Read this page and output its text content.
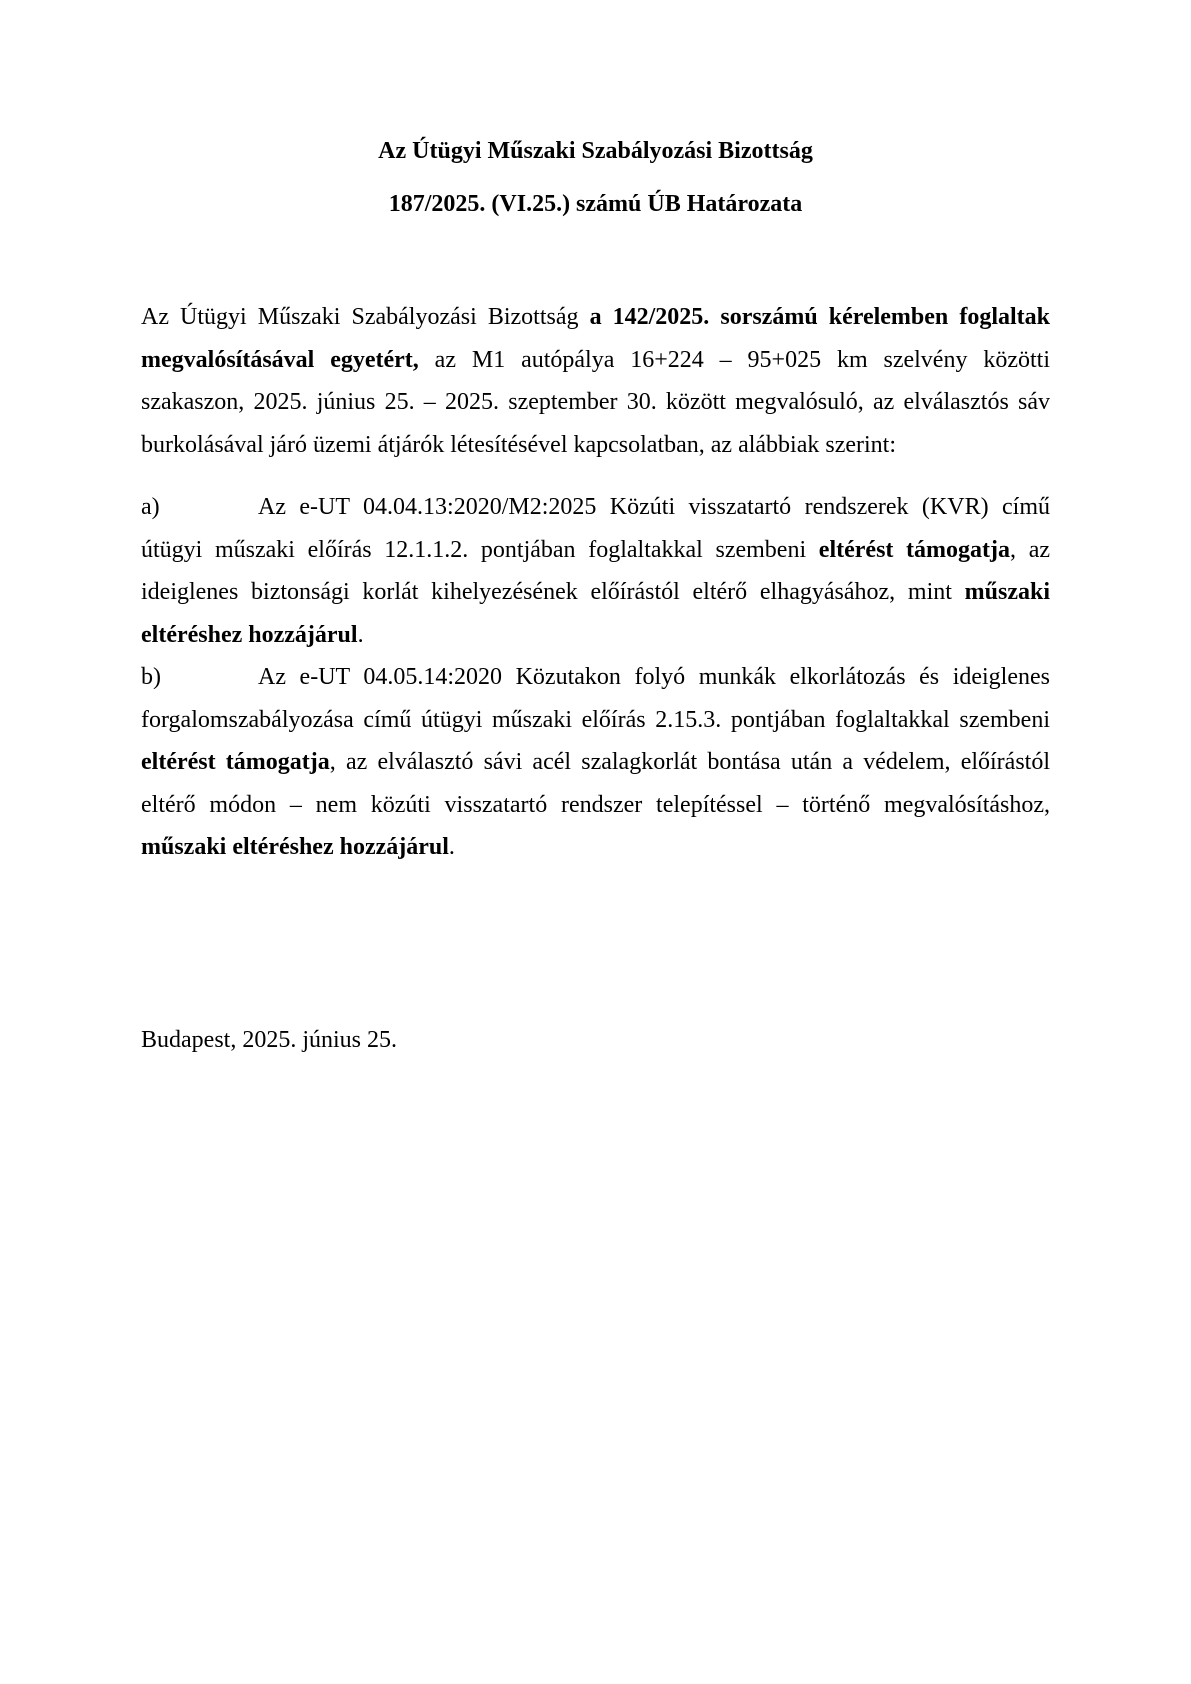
Az Útügyi Műszaki Szabályozási Bizottság

187/2025. (VI.25.) számú ÚB Határozata

Az Útügyi Műszaki Szabályozási Bizottság a 142/2025. sorszámú kérelemben foglaltak megvalósításával egyetért, az M1 autópálya 16+224 – 95+025 km szelvény közötti szakaszon, 2025. június 25. – 2025. szeptember 30. között megvalósuló, az elválasztós sáv burkolásával járó üzemi átjárók létesítésével kapcsolatban, az alábbiak szerint:

a)	Az e-UT 04.04.13:2020/M2:2025 Közúti visszatartó rendszerek (KVR) című útügyi műszaki előírás 12.1.1.2. pontjában foglaltakkal szembeni eltérést támogatja, az ideiglenes biztonsági korlát kihelyezésének előírástól eltérő elhagyásához, mint műszaki eltéréshez hozzájárul.

b)	Az e-UT 04.05.14:2020 Közutakon folyó munkák elkorlátozás és ideiglenes forgalomszabályozása című útügyi műszaki előírás 2.15.3. pontjában foglaltakkal szembeni eltérést támogatja, az elválasztó sávi acél szalagkorlát bontása után a védelem, előírástól eltérő módon – nem közúti visszatartó rendszer telepítéssel – történő megvalósításhoz, műszaki eltéréshez hozzájárul.

Budapest, 2025. június 25.
